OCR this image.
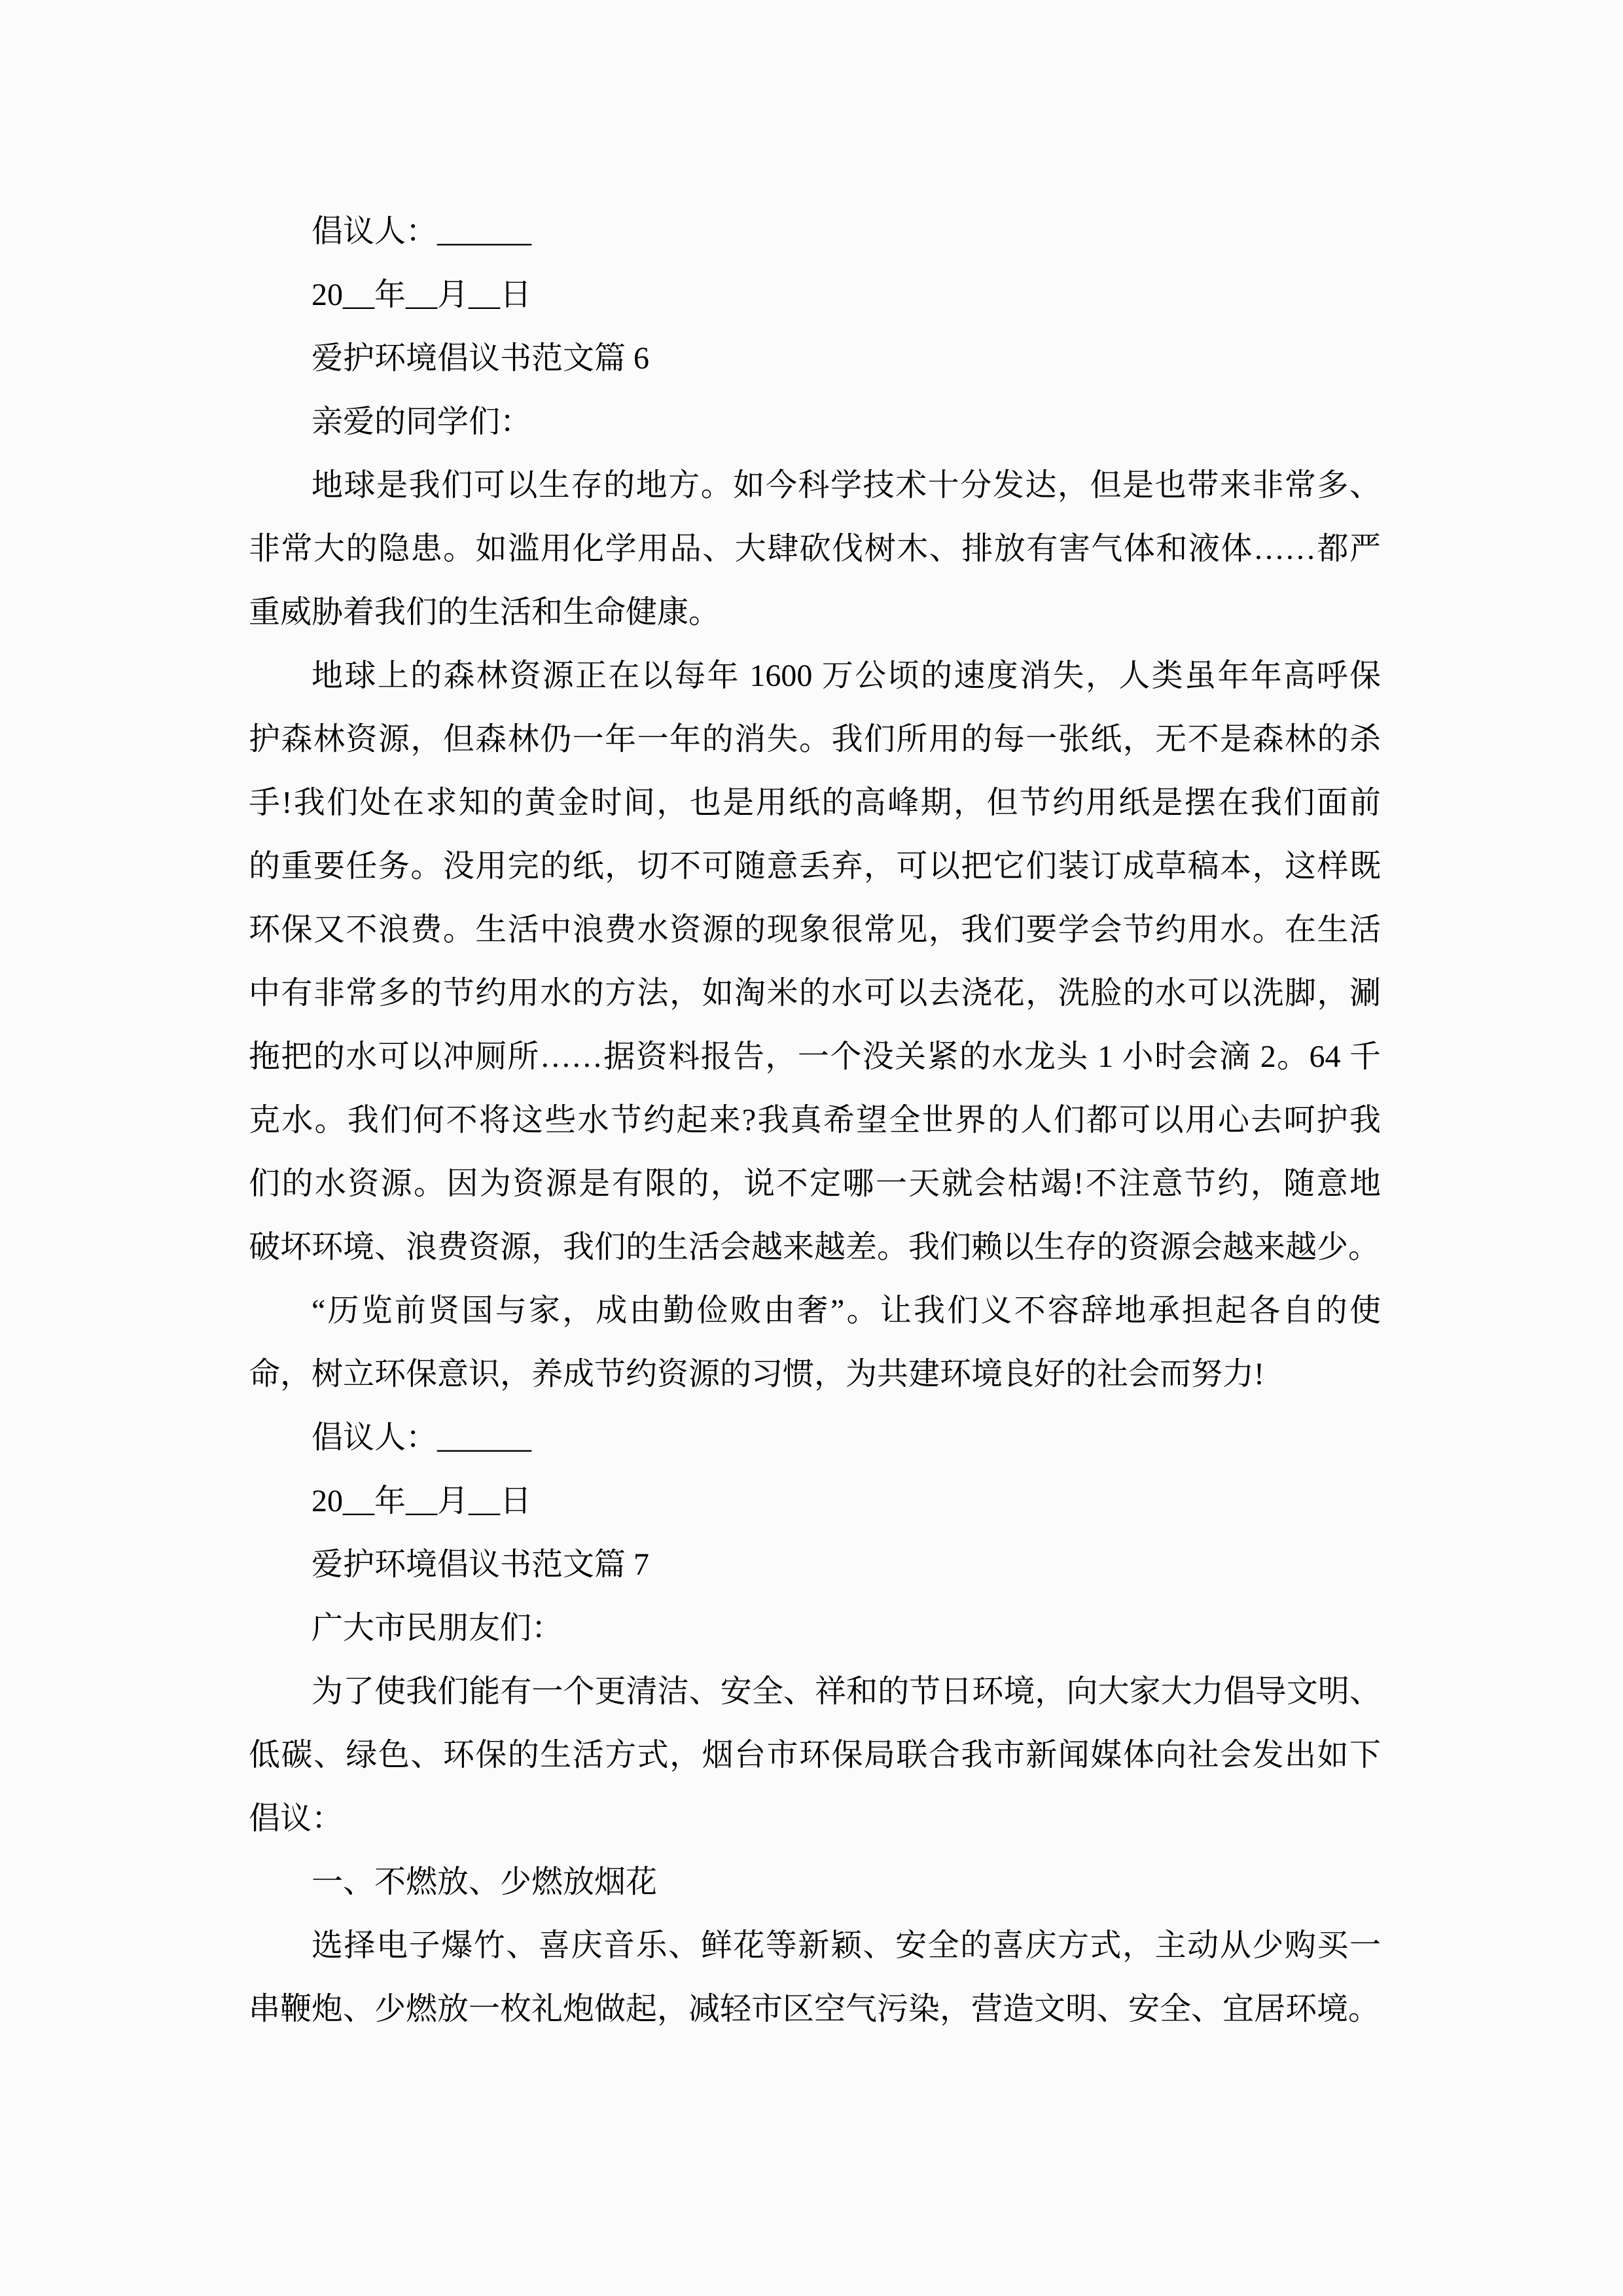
倡议人：______
20__年__月__日
爱护环境倡议书范文篇 6
亲爱的同学们：
地球是我们可以生存的地方。如今科学技术十分发达，但是也带来非常多、
非常大的隐患。如滥用化学用品、大肆砍伐树木、排放有害气体和液体……都严
重威胁着我们的生活和生命健康。
地球上的森林资源正在以每年 1600 万公顷的速度消失，人类虽年年高呼保
护森林资源，但森林仍一年一年的消失。我们所用的每一张纸，无不是森林的杀
手!我们处在求知的黄金时间，也是用纸的高峰期，但节约用纸是摆在我们面前
的重要任务。没用完的纸，切不可随意丢弃，可以把它们装订成草稿本，这样既
环保又不浪费。生活中浪费水资源的现象很常见，我们要学会节约用水。在生活
中有非常多的节约用水的方法，如淘米的水可以去浇花，洗脸的水可以洗脚，涮
拖把的水可以冲厕所……据资料报告，一个没关紧的水龙头 1 小时会滴 2。64 千
克水。我们何不将这些水节约起来?我真希望全世界的人们都可以用心去呵护我
们的水资源。因为资源是有限的，说不定哪一天就会枯竭!不注意节约，随意地
破坏环境、浪费资源，我们的生活会越来越差。我们赖以生存的资源会越来越少。
“历览前贤国与家，成由勤俭败由奢”。让我们义不容辞地承担起各自的使
命，树立环保意识，养成节约资源的习惯，为共建环境良好的社会而努力!
倡议人：______
20__年__月__日
爱护环境倡议书范文篇 7
广大市民朋友们：
为了使我们能有一个更清洁、安全、祥和的节日环境，向大家大力倡导文明、
低碳、绿色、环保的生活方式，烟台市环保局联合我市新闻媒体向社会发出如下
倡议：
一、不燃放、少燃放烟花
选择电子爆竹、喜庆音乐、鲜花等新颖、安全的喜庆方式，主动从少购买一
串鞭炮、少燃放一枚礼炮做起，减轻市区空气污染，营造文明、安全、宜居环境。
